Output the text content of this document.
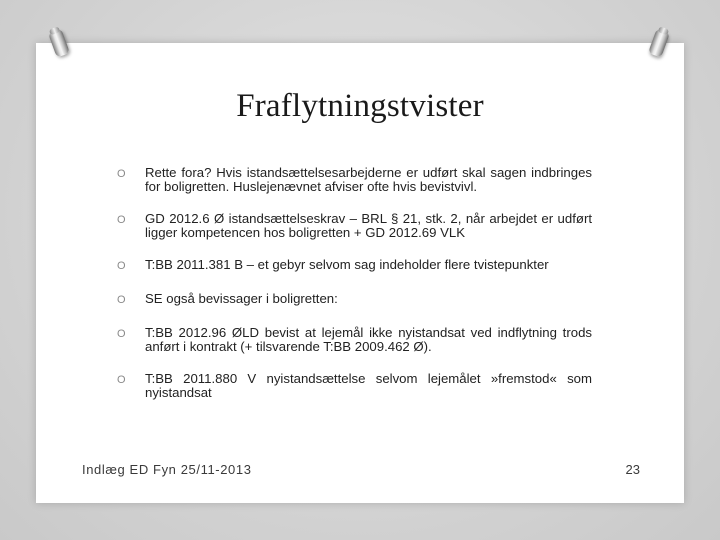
Fraflytningstvister
O Rette fora? Hvis istandsættelsesarbejderne er udført skal sagen indbringes for boligretten. Huslejenævnet afviser ofte hvis bevistvivl.
O GD 2012.6 Ø istandsættelseskrav – BRL § 21, stk. 2, når arbejdet er udført ligger kompetencen hos boligretten + GD 2012.69 VLK
O T:BB 2011.381 B – et gebyr selvom sag indeholder flere tvistepunkter
O SE også bevissager i boligretten:
O T:BB 2012.96 ØLD bevist at lejemål ikke nyistandsat ved indflytning trods anført i kontrakt (+ tilsvarende T:BB 2009.462 Ø).
O T:BB 2011.880 V nyistandsættelse selvom lejemålet »fremstod« som nyistandsat
Indlæg ED Fyn 25/11-2013	23
